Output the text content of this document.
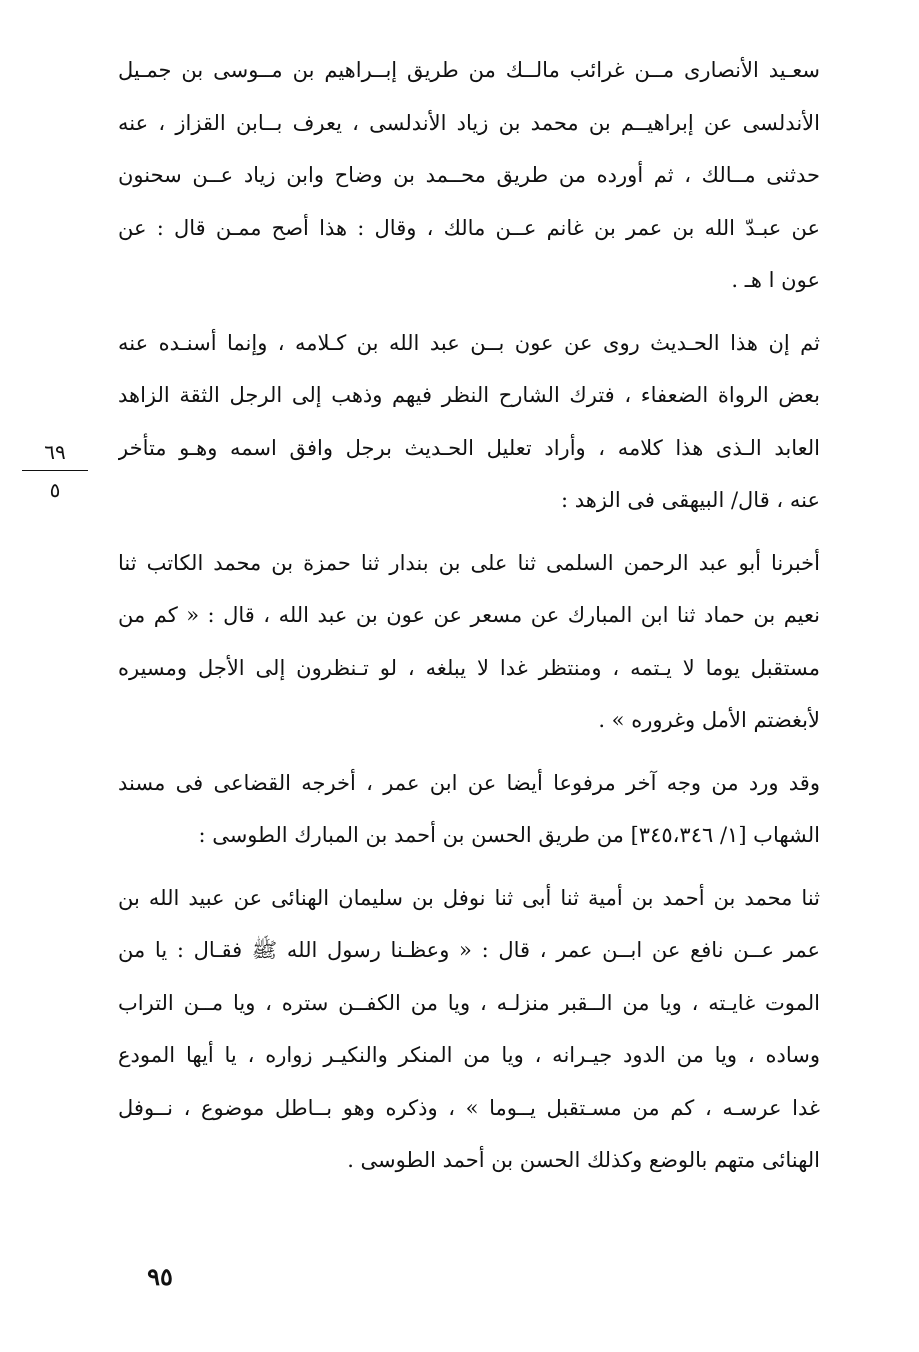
٦٩
٥
سعـيد الأنصارى مــن غرائب مالــك من طريق إبــراهيم بن مــوسى بن جمـيل
الأندلسى عن إبراهيــم بن محمد بن زياد الأندلسى ، يعرف بــابن القزاز ، عنه
حدثنى مــالك ، ثم أورده من طريق محــمد بن وضاح وابن زياد عــن سحنون
عن عبـدّ الله بن عمر بن غانم عــن مالك ، وقال : هذا أصح ممـن قال : عن
عون ا هـ .
ثم إن هذا الحـديث روى عن عون بــن عبد الله بن كـلامه ، وإنما أسنـده عنه
بعض الرواة الضعفاء ، فترك الشارح النظر فيهم وذهب إلى الرجل الثقة الزاهد
العابد الـذى هذا كلامه ، وأراد تعليل الحـديث برجل وافق اسمه وهـو متأخر
عنه ، قال/ البيهقى فى الزهد :
أخبرنا أبو عبد الرحمن السلمى ثنا على بن بندار ثنا حمزة بن محمد الكاتب ثنا
نعيم بن حماد ثنا ابن المبارك عن مسعر عن عون بن عبد الله ، قال : « كم من
مستقبل يوما لا يـتمه ، ومنتظر غدا لا يبلغه ، لو تـنظرون إلى الأجل ومسيره
لأبغضتم الأمل وغروره » .
وقد ورد من وجه آخر مرفوعا أيضا عن ابن عمر ، أخرجه القضاعى فى مسند
الشهاب [١/ ٣٤٥،٣٤٦] من طريق الحسن بن أحمد بن المبارك الطوسى :
ثنا محمد بن أحمد بن أمية ثنا أبى ثنا نوفل بن سليمان الهنائى عن عبيد الله بن
عمر عــن نافع عن ابــن عمر ، قال : « وعظـنا رسول الله ﷺ فقـال : يا من
الموت غايـته ، ويا من الــقبر منزلـه ، ويا من الكفــن ستره ، ويا مــن التراب
وساده ، ويا من الدود جيـرانه ، ويا من المنكر والنكيـر زواره ، يا أيها المودع
غدا عرسـه ، كم من مسـتقبل يــوما » ، وذكره وهو بــاطل موضوع ، نــوفل
الهنائى متهم بالوضع وكذلك الحسن بن أحمد الطوسى .
٩٥
